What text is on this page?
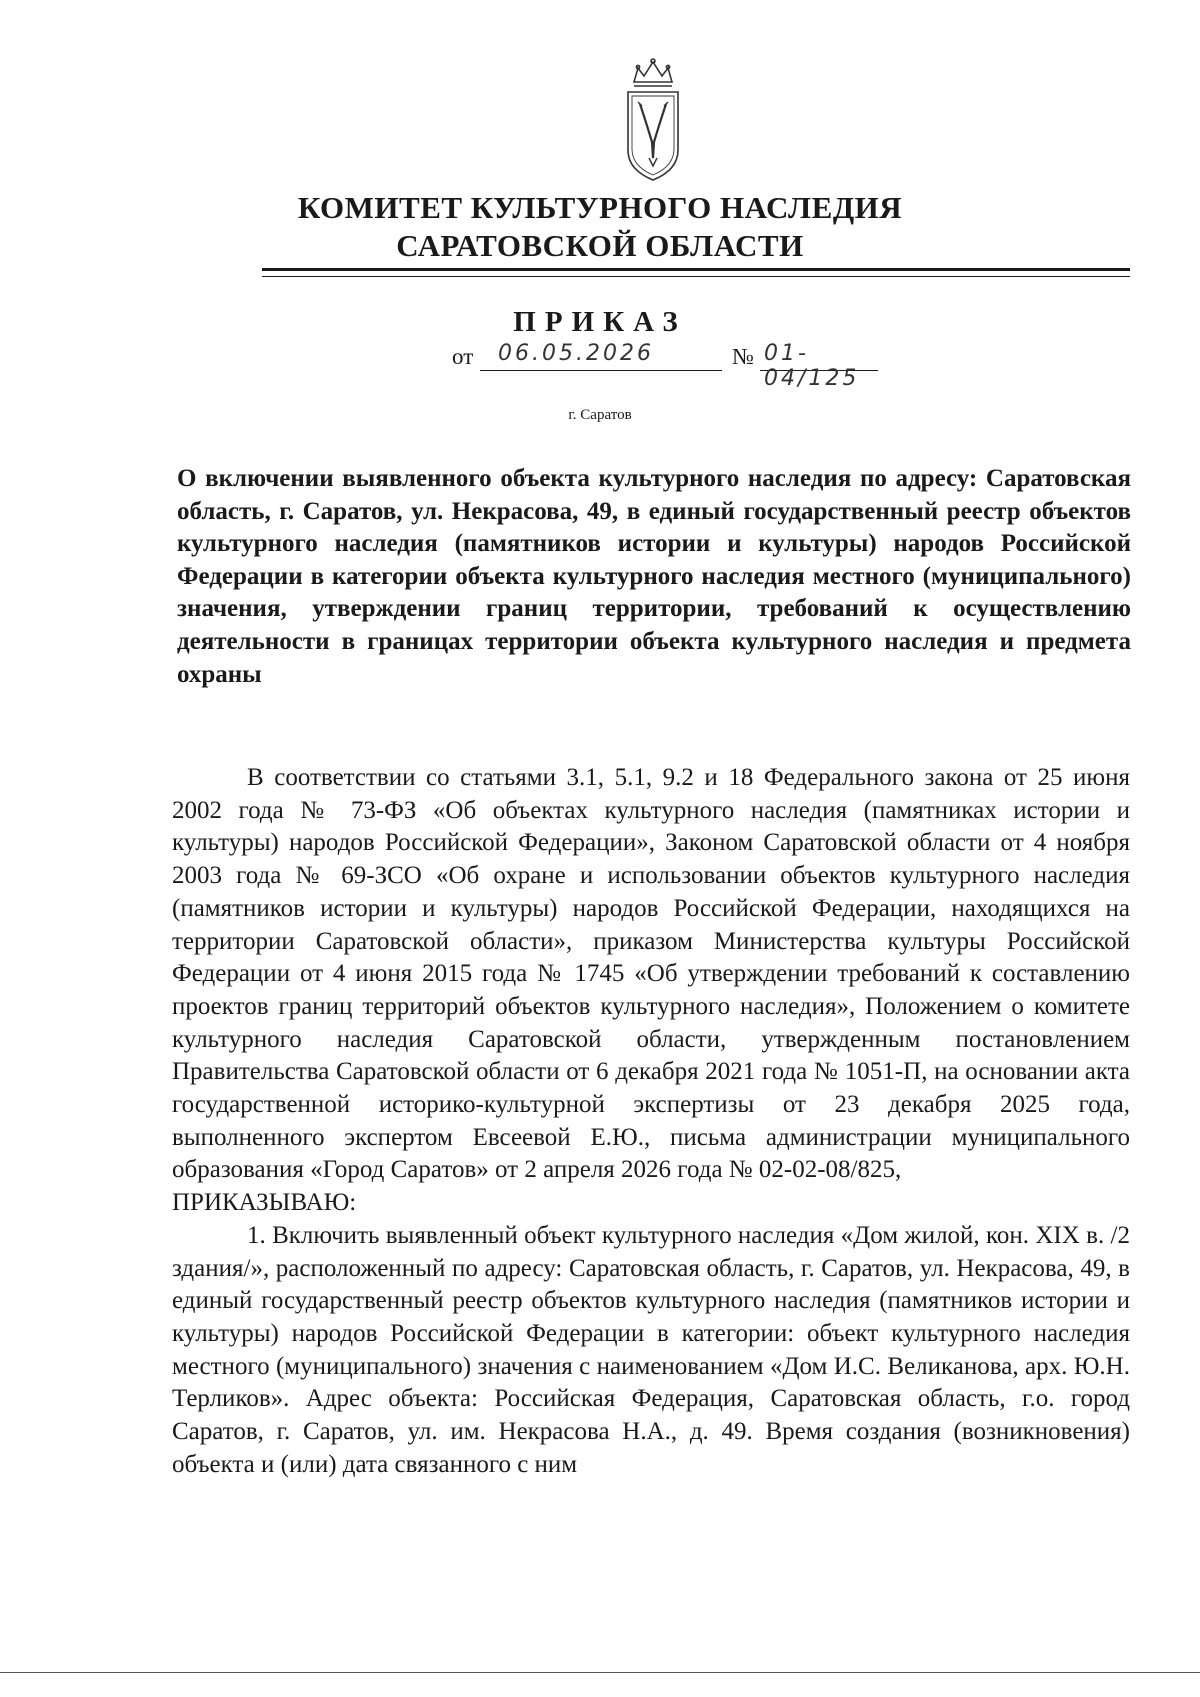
КОМИТЕТ КУЛЬТУРНОГО НАСЛЕДИЯ
САРАТОВСКОЙ ОБЛАСТИ
ПРИКАЗ
от 06.05.2026	№ 01-04/125
г. Саратов
О включении выявленного объекта культурного наследия по адресу: Саратовская область, г. Саратов, ул. Некрасова, 49, в единый государственный реестр объектов культурного наследия (памятников истории и культуры) народов Российской Федерации в категории объекта культурного наследия местного (муниципального) значения, утверждении границ территории, требований к осуществлению деятельности в границах территории объекта культурного наследия и предмета охраны

В соответствии со статьями 3.1, 5.1, 9.2 и 18 Федерального закона от 25 июня 2002 года № 73-ФЗ «Об объектах культурного наследия (памятниках истории и культуры) народов Российской Федерации», Законом Саратовской области от 4 ноября 2003 года № 69-ЗСО «Об охране и использовании объектов культурного наследия (памятников истории и культуры) народов Российской Федерации, находящихся на территории Саратовской области», приказом Министерства культуры Российской Федерации от 4 июня 2015 года № 1745 «Об утверждении требований к составлению проектов границ территорий объектов культурного наследия», Положением о комитете культурного наследия Саратовской области, утвержденным постановлением Правительства Саратовской области от 6 декабря 2021 года № 1051-П, на основании акта государственной историко-культурной экспертизы от 23 декабря 2025 года, выполненного экспертом Евсеевой Е.Ю., письма администрации муниципального образования «Город Саратов» от 2 апреля 2026 года № 02-02-08/825,

ПРИКАЗЫВАЮ:

1. Включить выявленный объект культурного наследия «Дом жилой, кон. XIX в. /2 здания/», расположенный по адресу: Саратовская область, г. Саратов, ул. Некрасова, 49, в единый государственный реестр объектов культурного наследия (памятников истории и культуры) народов Российской Федерации в категории: объект культурного наследия местного (муниципального) значения с наименованием «Дом И.С. Великанова, арх. Ю.Н. Терликов». Адрес объекта: Российская Федерация, Саратовская область, г.о. город Саратов, г. Саратов, ул. им. Некрасова Н.А., д. 49. Время создания (возникновения) объекта и (или) дата связанного с ним
